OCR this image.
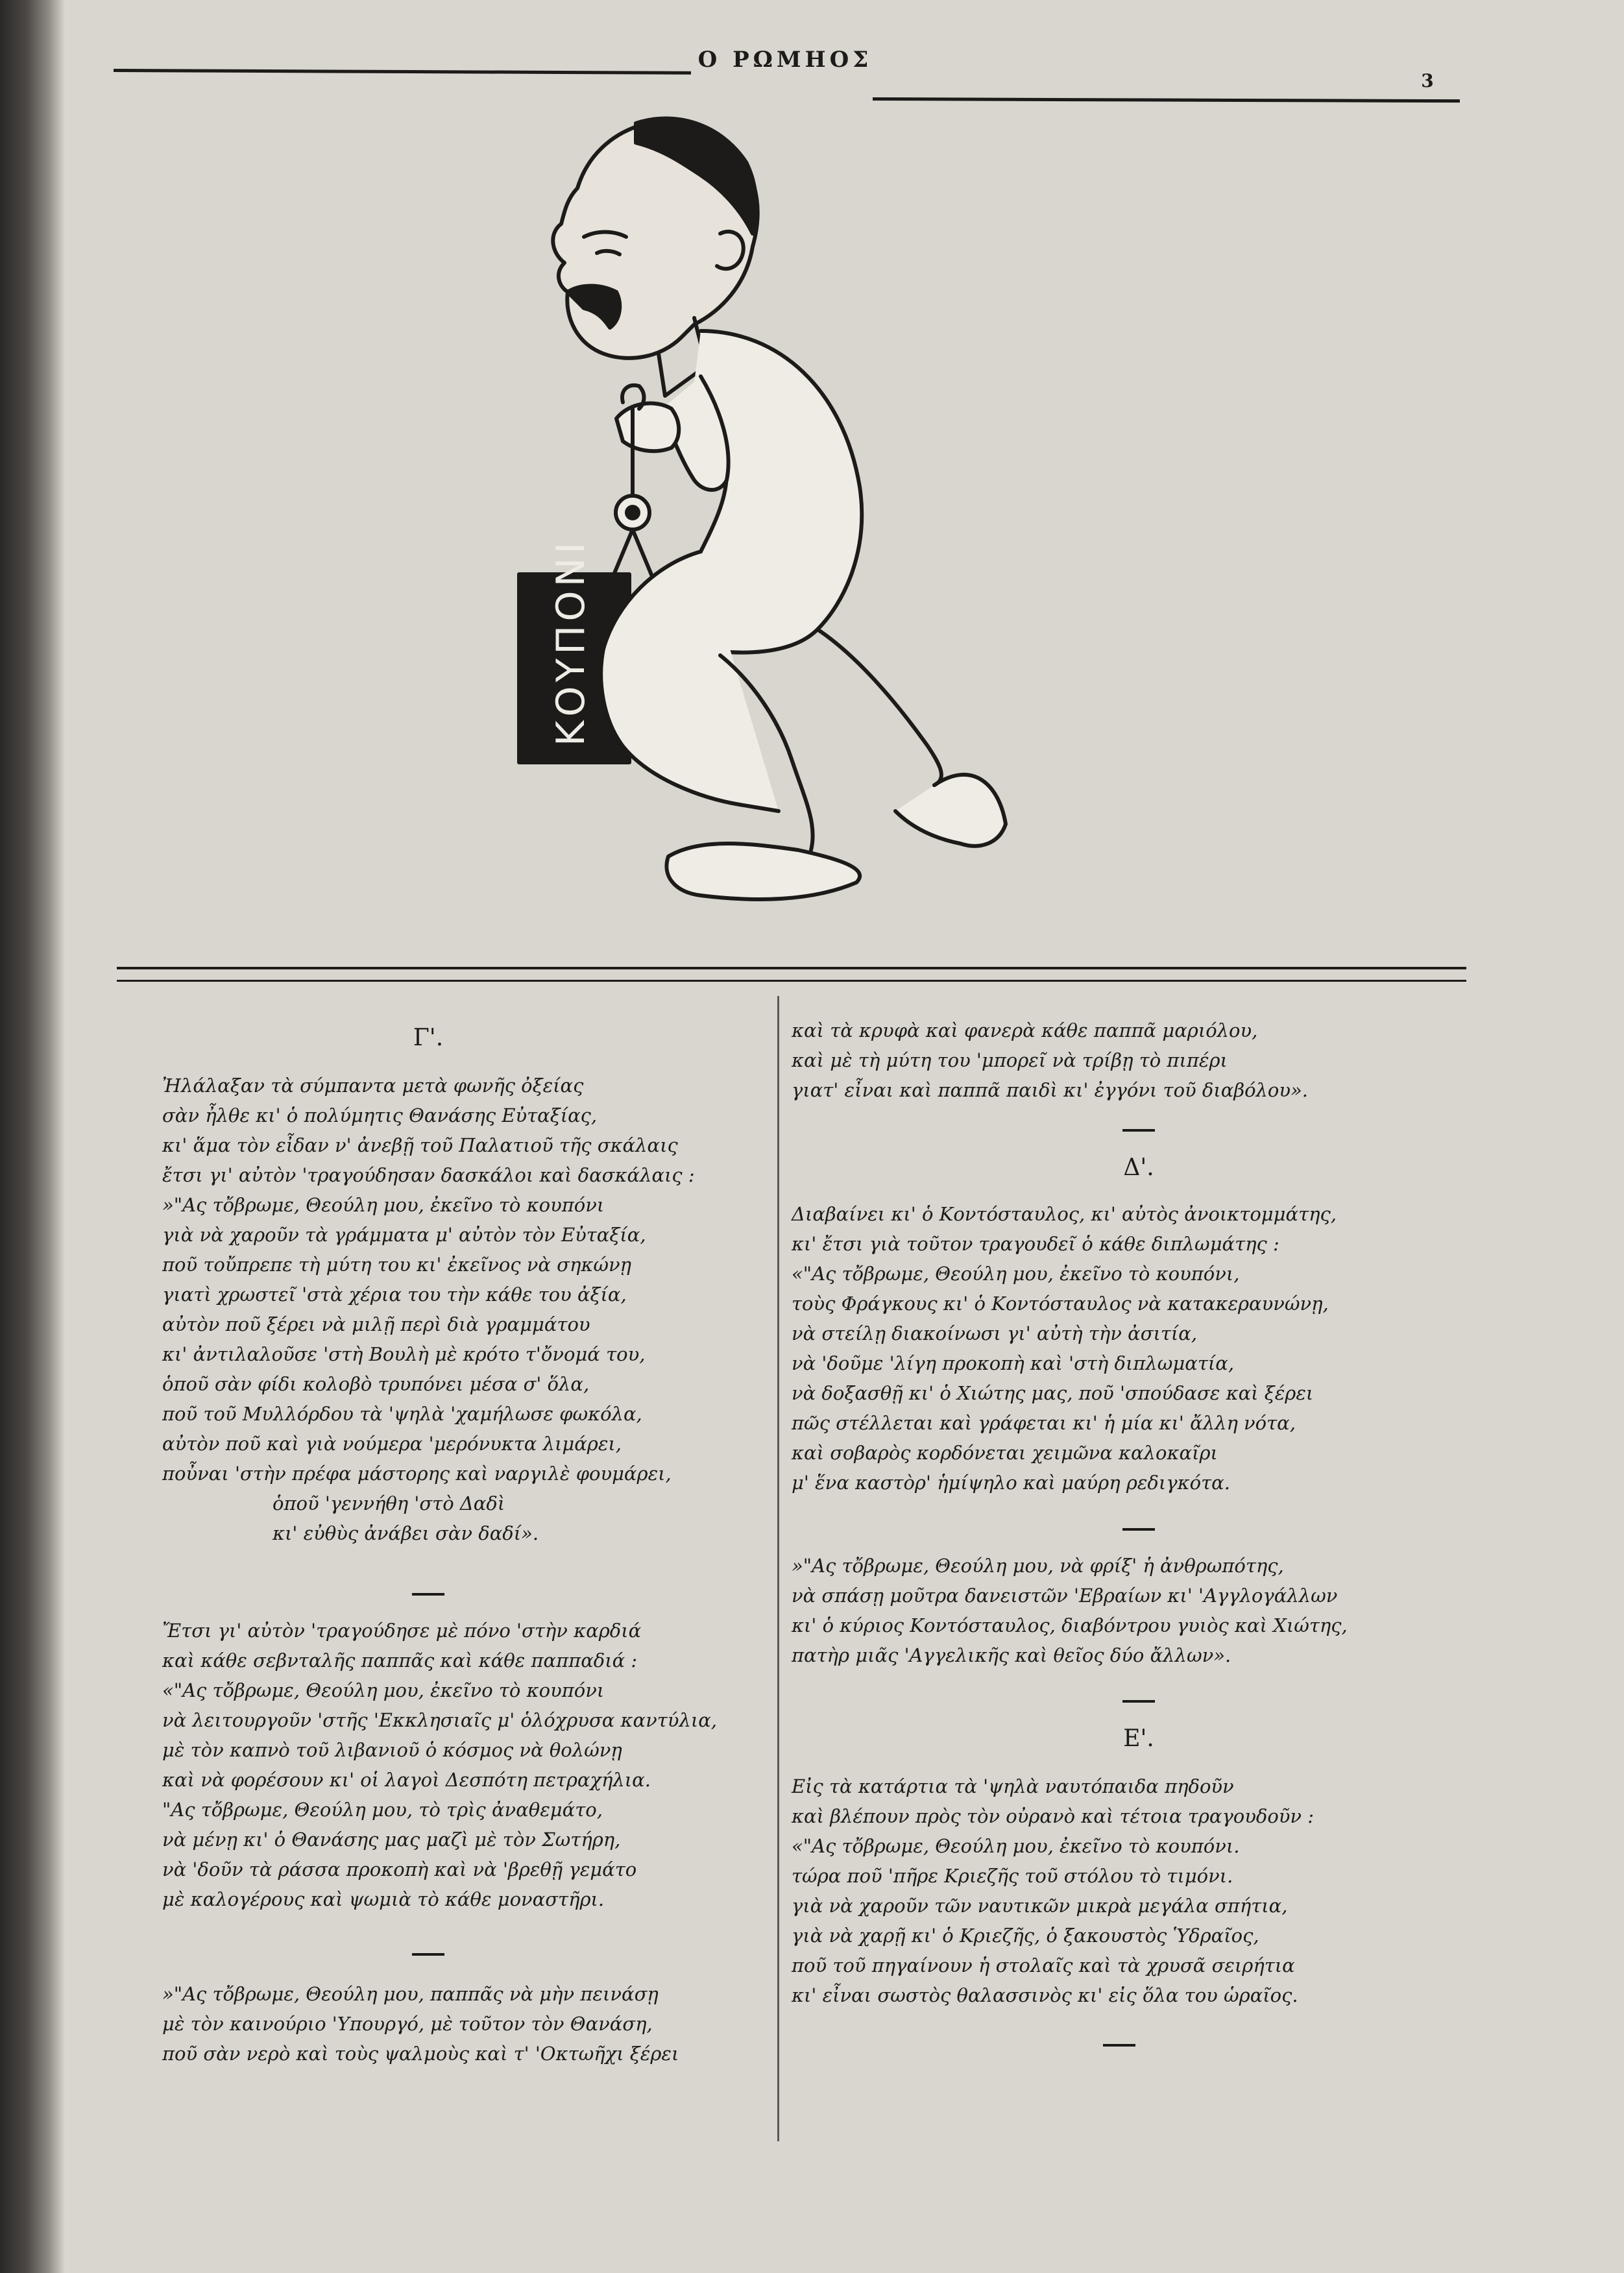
Ο ΡΩΜΗΟΣ
3
ΚΟΥΠΟΝΙ
Γ'.
Ἠλάλαξαν τὰ σύμπαντα μετὰ φωνῆς ὀξείας
σὰν ἦλθε κι' ὁ πολύμητις Θανάσης Εὐταξίας,
κι' ἅμα τὸν εἶδαν ν' ἀνεβῇ τοῦ Παλατιοῦ τῆς σκάλαις
ἔτσι γι' αὐτὸν 'τραγούδησαν δασκάλοι καὶ δασκάλαις :
»"Ας τὄβρωμε, Θεούλη μου, ἐκεῖνο τὸ κουπόνι
γιὰ νὰ χαροῦν τὰ γράμματα μ' αὐτὸν τὸν Εὐταξία,
ποῦ τοὔπρεπε τὴ μύτη του κι' ἐκεῖνος νὰ σηκώνῃ
γιατὶ χρωστεῖ 'στὰ χέρια του τὴν κάθε του ἀξία,
αὐτὸν ποῦ ξέρει νὰ μιλῇ περὶ διὰ γραμμάτου
κι' ἀντιλαλοῦσε 'στὴ Βουλὴ μὲ κρότο τ'ὄνομά του,
ὁποῦ σὰν φίδι κολοβὸ τρυπόνει μέσα σ' ὅλα,
ποῦ τοῦ Μυλλόρδου τὰ 'ψηλὰ 'χαμήλωσε φωκόλα,
αὐτὸν ποῦ καὶ γιὰ νούμερα 'μερόνυκτα λιμάρει,
ποὖναι 'στὴν πρέφα μάστορης καὶ ναργιλὲ φουμάρει,
ὁποῦ 'γεννήθη 'στὸ Δαδὶ
κι' εὐθὺς ἀνάβει σὰν δαδί».
Ἔτσι γι' αὐτὸν 'τραγούδησε μὲ πόνο 'στὴν καρδιά
καὶ κάθε σεβνταλῆς παππᾶς καὶ κάθε παππαδιά :
«"Ας τὄβρωμε, Θεούλη μου, ἐκεῖνο τὸ κουπόνι
νὰ λειτουργοῦν 'στῆς 'Εκκλησιαῖς μ' ὁλόχρυσα καντύλια,
μὲ τὸν καπνὸ τοῦ λιβανιοῦ ὁ κόσμος νὰ θολώνῃ
καὶ νὰ φορέσουν κι' οἱ λαγοὶ Δεσπότη πετραχήλια.
"Ας τὄβρωμε, Θεούλη μου, τὸ τρὶς ἀναθεμάτο,
νὰ μένῃ κι' ὁ Θανάσης μας μαζὶ μὲ τὸν Σωτήρη,
νὰ 'δοῦν τὰ ράσσα προκοπὴ καὶ νὰ 'βρεθῇ γεμάτο
μὲ καλογέρους καὶ ψωμιὰ τὸ κάθε μοναστῆρι.
»"Ας τὄβρωμε, Θεούλη μου, παππᾶς νὰ μὴν πεινάσῃ
μὲ τὸν καινούριο 'Υπουργό, μὲ τοῦτον τὸν Θανάση,
ποῦ σὰν νερὸ καὶ τοὺς ψαλμοὺς καὶ τ' 'Οκτωῆχι ξέρει
καὶ τὰ κρυφὰ καὶ φανερὰ κάθε παππᾶ μαριόλου,
καὶ μὲ τὴ μύτη του 'μπορεῖ νὰ τρίβῃ τὸ πιπέρι
γιατ' εἶναι καὶ παππᾶ παιδὶ κι' ἐγγόνι τοῦ διαβόλου».
Δ'.
Διαβαίνει κι' ὁ Κοντόσταυλος, κι' αὐτὸς ἀνοικτομμάτης,
κι' ἔτσι γιὰ τοῦτον τραγουδεῖ ὁ κάθε διπλωμάτης :
«"Ας τὄβρωμε, Θεούλη μου, ἐκεῖνο τὸ κουπόνι,
τοὺς Φράγκους κι' ὁ Κοντόσταυλος νὰ κατακεραυνώνῃ,
νὰ στείλῃ διακοίνωσι γι' αὐτὴ τὴν ἀσιτία,
νὰ 'δοῦμε 'λίγη προκοπὴ καὶ 'στὴ διπλωματία,
νὰ δοξασθῇ κι' ὁ Χιώτης μας, ποῦ 'σπούδασε καὶ ξέρει
πῶς στέλλεται καὶ γράφεται κι' ἡ μία κι' ἄλλη νότα,
καὶ σοβαρὸς κορδόνεται χειμῶνα καλοκαῖρι
μ' ἕνα καστὸρ' ἡμίψηλο καὶ μαύρη ρεδιγκότα.
»"Ας τὄβρωμε, Θεούλη μου, νὰ φρίξ' ἡ ἀνθρωπότης,
νὰ σπάσῃ μοῦτρα δανειστῶν 'Εβραίων κι' 'Αγγλογάλλων
κι' ὁ κύριος Κοντόσταυλος, διαβόντρου γυιὸς καὶ Χιώτης,
πατὴρ μιᾶς 'Αγγελικῆς καὶ θεῖος δύο ἄλλων».
Ε'.
Εἰς τὰ κατάρτια τὰ 'ψηλὰ ναυτόπαιδα πηδοῦν
καὶ βλέπουν πρὸς τὸν οὐρανὸ καὶ τέτοια τραγουδοῦν :
«"Ας τὄβρωμε, Θεούλη μου, ἐκεῖνο τὸ κουπόνι.
τώρα ποῦ 'πῆρε Κριεζῆς τοῦ στόλου τὸ τιμόνι.
γιὰ νὰ χαροῦν τῶν ναυτικῶν μικρὰ μεγάλα σπήτια,
γιὰ νὰ χαρῇ κι' ὁ Κριεζῆς, ὁ ξακουστὸς Ὑδραῖος,
ποῦ τοῦ πηγαίνουν ἡ στολαῖς καὶ τὰ χρυσᾶ σειρήτια
κι' εἶναι σωστὸς θαλασσινὸς κι' εἰς ὅλα του ὡραῖος.
